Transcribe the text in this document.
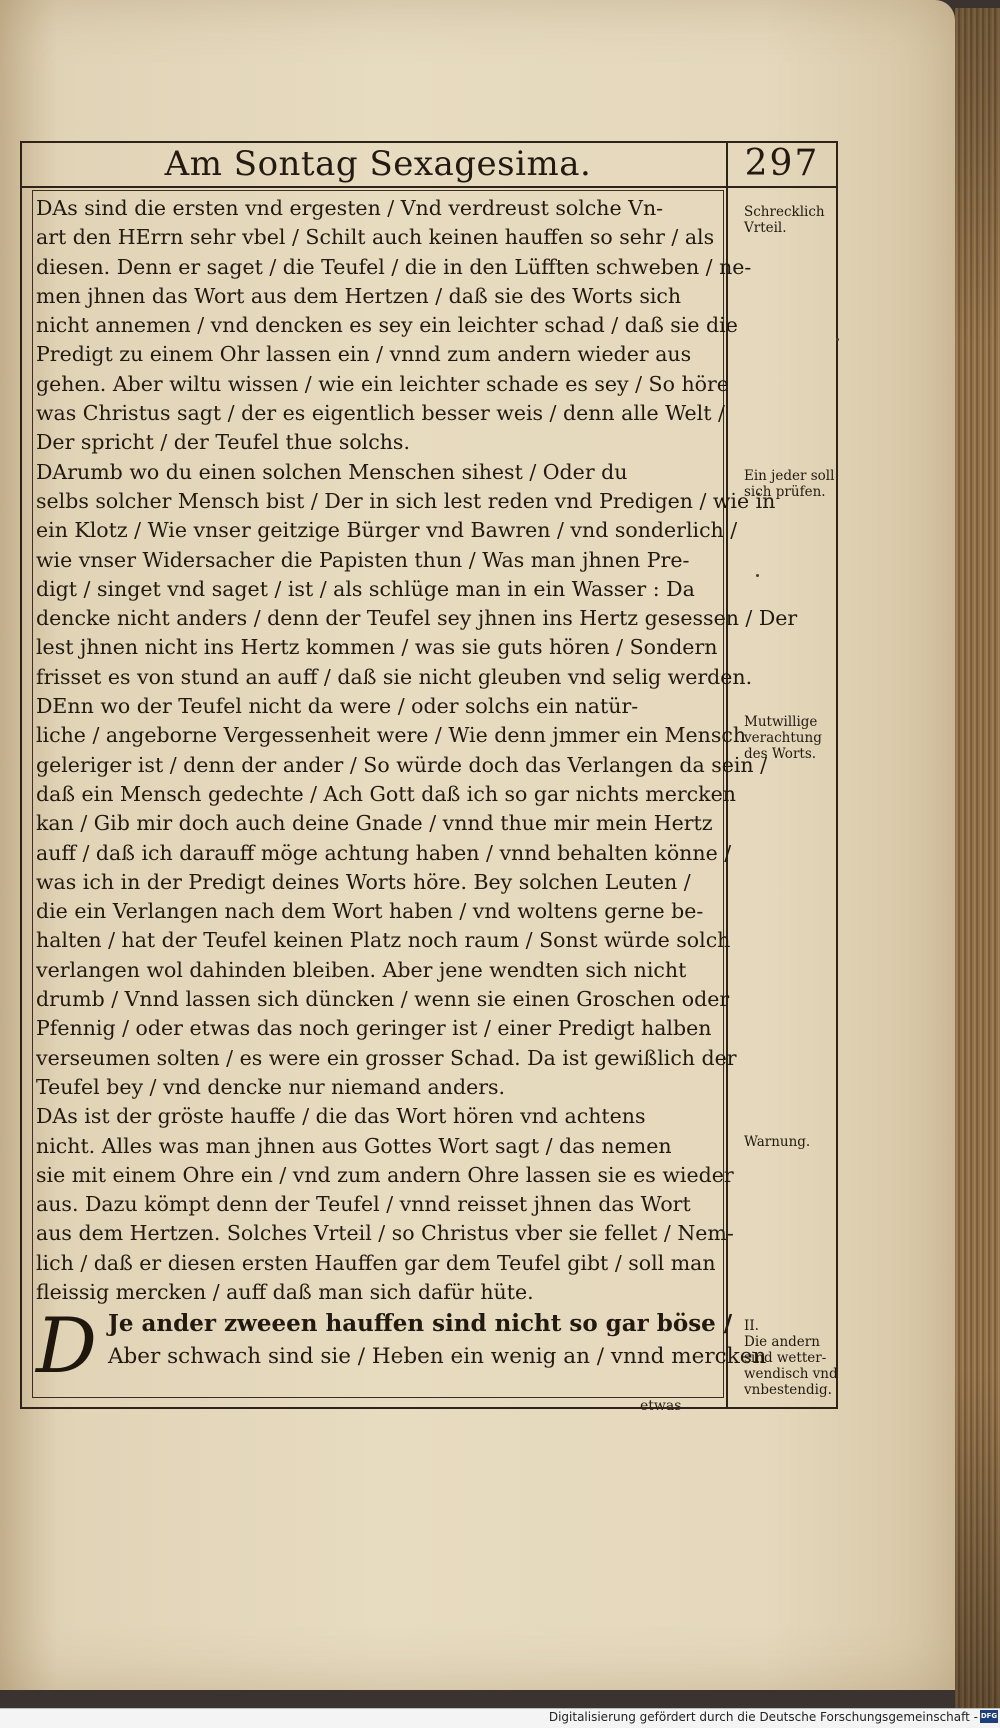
Am Sontag Sexagesima.	297
DAs sind die ersten vnd ergesten / Vnd verdreust solche Vn-
art den HErrn sehr vbel / Schilt auch keinen hauffen so sehr / als
diesen. Denn er saget / die Teufel / die in den Lüfften schweben / ne-
men jhnen das Wort aus dem Hertzen / daß sie des Worts sich
nicht annemen / vnd dencken es sey ein leichter schad / daß sie die
Predigt zu einem Ohr lassen ein / vnnd zum andern wieder aus
gehen. Aber wiltu wissen / wie ein leichter schade es sey / So höre
was Christus sagt / der es eigentlich besser weis / denn alle Welt /
Der spricht / der Teufel thue solchs.
DArumb wo du einen solchen Menschen sihest / Oder du
selbs solcher Mensch bist / Der in sich lest reden vnd Predigen / wie in
ein Klotz / Wie vnser geitzige Bürger vnd Bawren / vnd sonderlich /
wie vnser Widersacher die Papisten thun / Was man jhnen Pre-
digt / singet vnd saget / ist / als schlüge man in ein Wasser : Da
dencke nicht anders / denn der Teufel sey jhnen ins Hertz gesessen / Der
lest jhnen nicht ins Hertz kommen / was sie guts hören / Sondern
frisset es von stund an auff / daß sie nicht gleuben vnd selig werden.
DEnn wo der Teufel nicht da were / oder solchs ein natür-
liche / angeborne Vergessenheit were / Wie denn jmmer ein Mensch
geleriger ist / denn der ander / So würde doch das Verlangen da sein /
daß ein Mensch gedechte / Ach Gott daß ich so gar nichts mercken
kan / Gib mir doch auch deine Gnade / vnnd thue mir mein Hertz
auff / daß ich darauff möge achtung haben / vnnd behalten könne /
was ich in der Predigt deines Worts höre. Bey solchen Leuten /
die ein Verlangen nach dem Wort haben / vnd woltens gerne be-
halten / hat der Teufel keinen Platz noch raum / Sonst würde solch
verlangen wol dahinden bleiben. Aber jene wendten sich nicht
drumb / Vnnd lassen sich düncken / wenn sie einen Groschen oder
Pfennig / oder etwas das noch geringer ist / einer Predigt halben
verseumen solten / es were ein grosser Schad. Da ist gewißlich der
Teufel bey / vnd dencke nur niemand anders.
DAs ist der gröste hauffe / die das Wort hören vnd achtens
nicht. Alles was man jhnen aus Gottes Wort sagt / das nemen
sie mit einem Ohre ein / vnd zum andern Ohre lassen sie es wieder
aus. Dazu kömpt denn der Teufel / vnnd reisset jhnen das Wort
aus dem Hertzen. Solches Vrteil / so Christus vber sie fellet / Nem-
lich / daß er diesen ersten Hauffen gar dem Teufel gibt / soll man
fleissig mercken / auff daß man sich dafür hüte.
D Je ander zweeen hauffen sind nicht so gar böse /
Aber schwach sind sie / Heben ein wenig an / vnnd mercken
etwas
Schrecklich
Vrteil.
Ein jeder soll
sich prüfen.
Mutwillige
verachtung
des Worts.
Warnung.
II.
Die andern
sind wetter-
wendisch vnd
vnbestendig.
Digitalisierung gefördert durch die Deutsche Forschungsgemeinschaft - DFG
